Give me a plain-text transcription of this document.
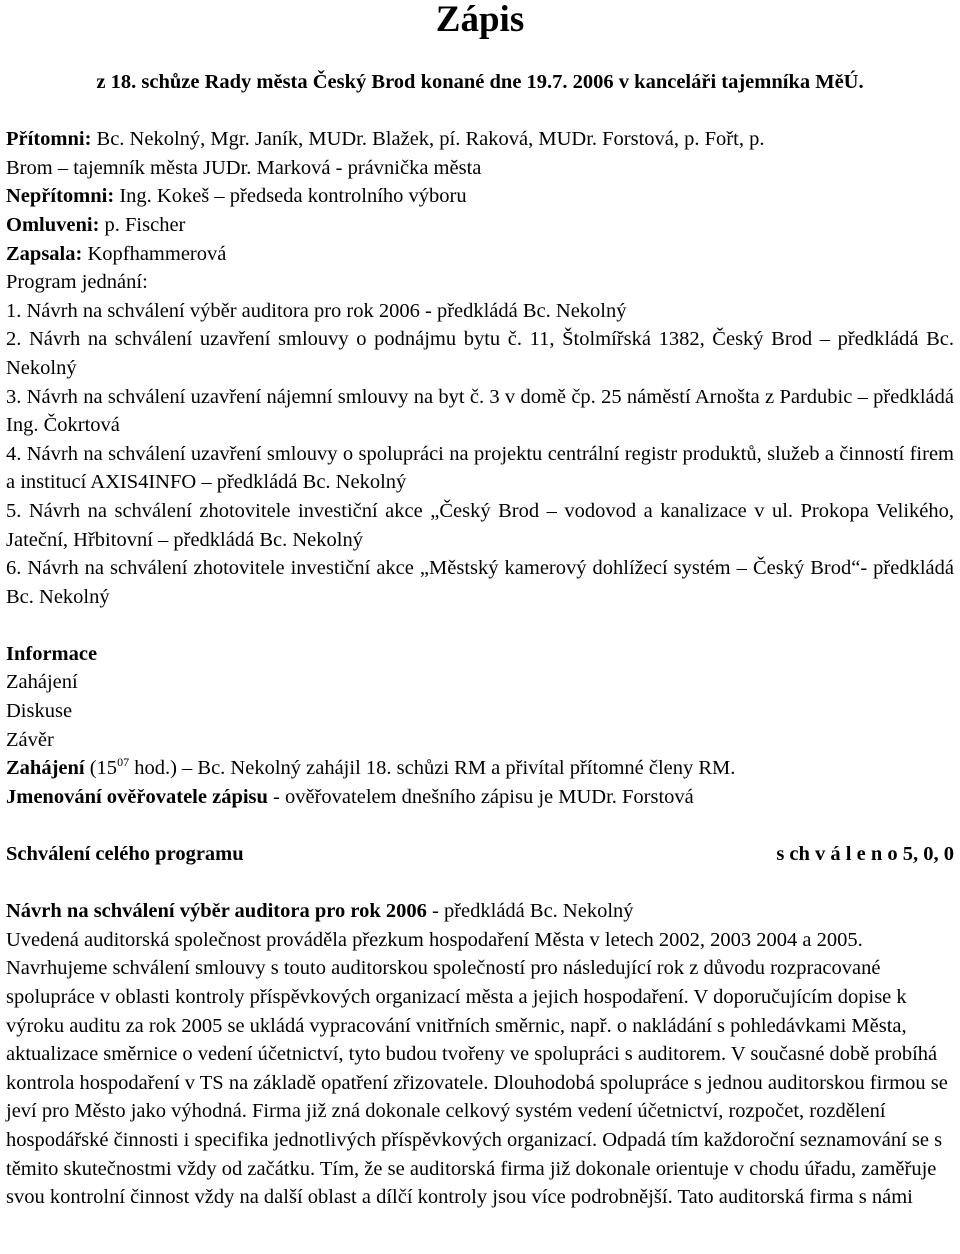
Zápis

z 18. schůze Rady města Český Brod konané dne 19.7. 2006 v kanceláři tajemníka MěÚ.

Přítomni: Bc. Nekolný, Mgr. Janík, MUDr. Blažek, pí. Raková, MUDr. Forstová, p. Fořt, p.

Brom – tajemník města JUDr. Marková - právnička města

Nepřítomni: Ing. Kokeš – předseda kontrolního výboru

Omluveni: p. Fischer

Zapsala: Kopfhammerová

Program jednání:

1. Návrh na schválení výběr auditora pro rok 2006 - předkládá Bc. Nekolný

2. Návrh na schválení uzavření smlouvy o podnájmu bytu č. 11, Štolmířská 1382, Český Brod – předkládá Bc. Nekolný

3. Návrh na schválení uzavření nájemní smlouvy na byt č. 3 v domě čp. 25 náměstí Arnošta z Pardubic – předkládá Ing. Čokrtová

4. Návrh na schválení uzavření smlouvy o spolupráci na projektu centrální registr produktů, služeb a činností firem a institucí AXIS4INFO – předkládá Bc. Nekolný

5. Návrh na schválení zhotovitele investiční akce „Český Brod – vodovod a kanalizace v ul. Prokopa Velikého, Jateční, Hřbitovní – předkládá Bc. Nekolný

6. Návrh na schválení zhotovitele investiční akce „Městský kamerový dohlížecí systém – Český Brod“- předkládá Bc. Nekolný

Informace

Zahájení

Diskuse

Závěr

Zahájení ($15^{07}$ hod.) – Bc. Nekolný zahájil 18. schůzi RM a přivítal přítomné členy RM.

Jmenování ověřovatele zápisu - ověřovatelem dnešního zápisu je MUDr. Forstová

Schválení celého programu	s ch v á l e n o 5, 0, 0

Návrh na schválení výběr auditora pro rok 2006 - předkládá Bc. Nekolný

Uvedená auditorská společnost prováděla přezkum hospodaření Města v letech 2002, 2003 2004 a 2005. Navrhujeme schválení smlouvy s touto auditorskou společností pro následující rok z důvodu rozpracované spolupráce v oblasti kontroly příspěvkových organizací města a jejich hospodaření. V doporučujícím dopise k výroku auditu za rok 2005 se ukládá vypracování vnitřních směrnic, např. o nakládání s pohledávkami Města, aktualizace směrnice o vedení účetnictví, tyto budou tvořeny ve spolupráci s auditorem. V současné době probíhá kontrola hospodaření v TS na základě opatření zřizovatele. Dlouhodobá spolupráce s jednou auditorskou firmou se jeví pro Město jako výhodná. Firma již zná dokonale celkový systém vedení účetnictví, rozpočet, rozdělení hospodářské činnosti i specifika jednotlivých příspěvkových organizací. Odpadá tím každoroční seznamování se s těmito skutečnostmi vždy od začátku. Tím, že se auditorská firma již dokonale orientuje v chodu úřadu, zaměřuje svou kontrolní činnost vždy na další oblast a dílčí kontroly jsou více podrobnější. Tato auditorská firma s námi
